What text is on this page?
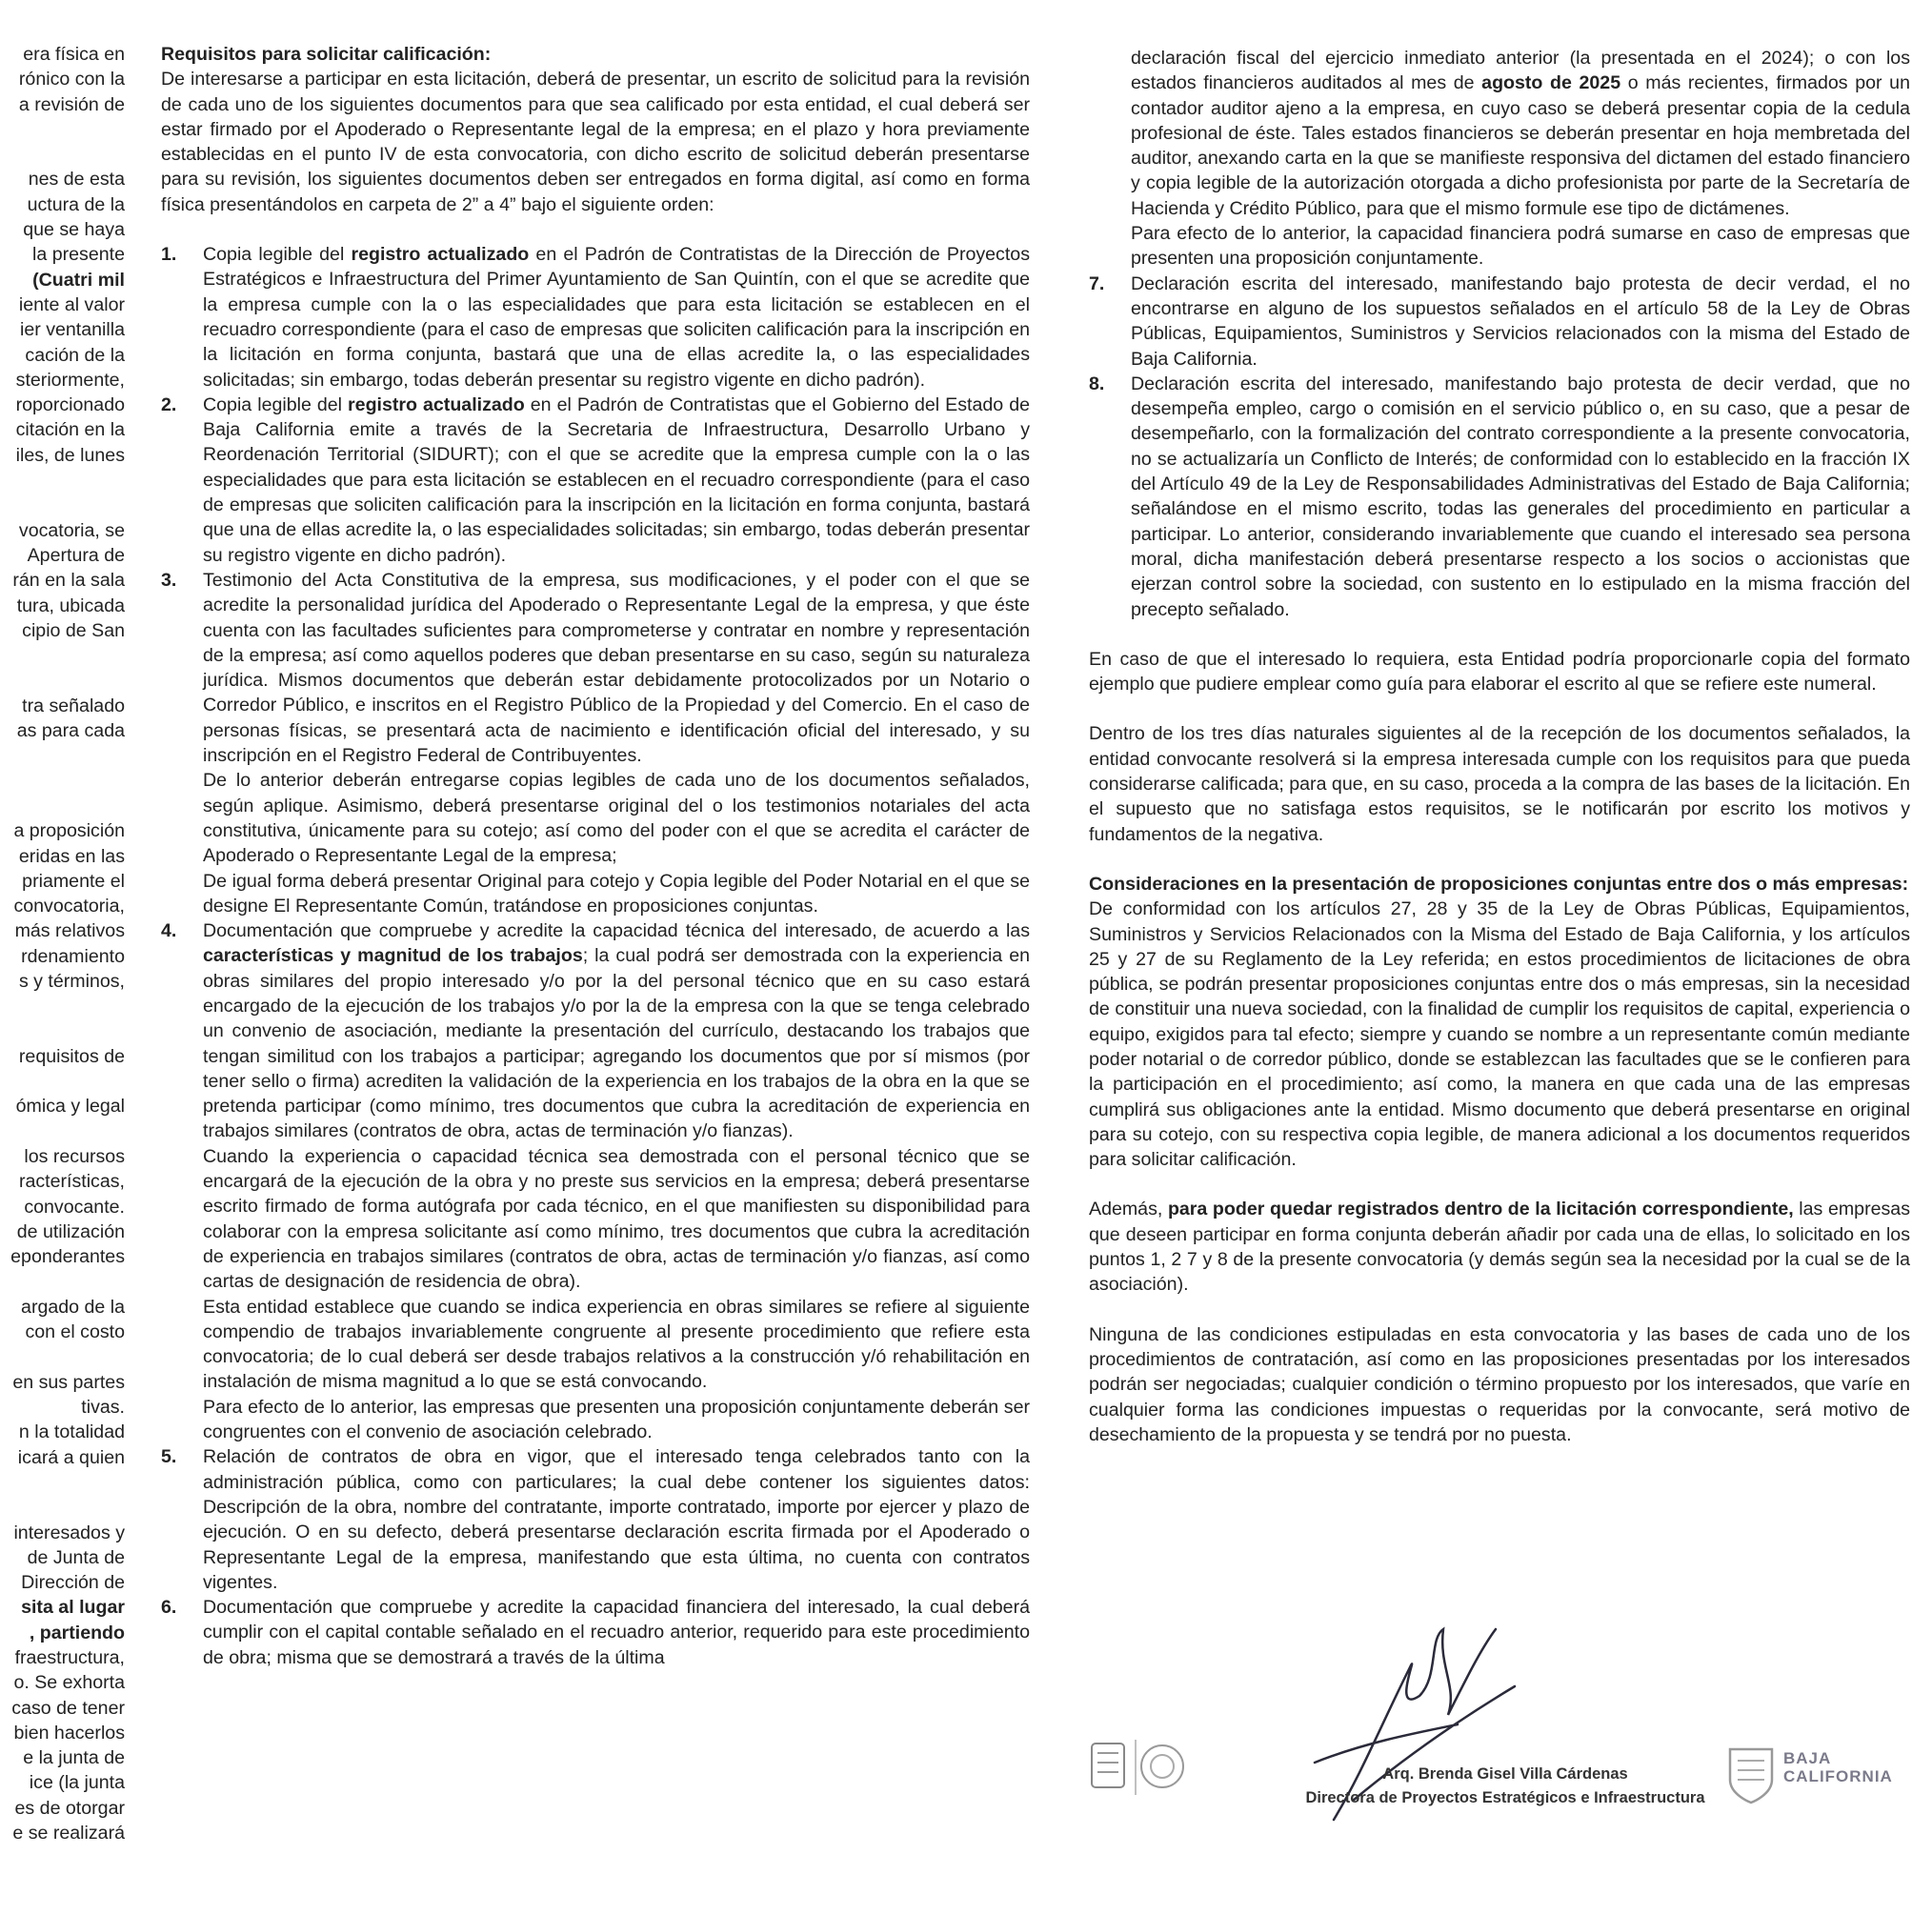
era física en

rónico con la

a revisión de

nes de esta

uctura de la

que se haya

la presente

(Cuatri mil

iente al valor

ier ventanilla

cación de la

steriormente,

roporcionado

citación en la

iles, de lunes

vocatoria, se

Apertura de

rán en la sala

tura, ubicada

cipio de San

tra señalado

as para cada

a proposición

eridas en las

priamente el

convocatoria,

más relativos

rdenamiento

s y términos,

requisitos de

ómica y legal

los recursos

racterísticas,

convocante.

de utilización

eponderantes

argado de la

con el costo

en sus partes

tivas.

n la totalidad

icará a quien

interesados y

de Junta de

Dirección de

sita al lugar

, partiendo

fraestructura,

o. Se exhorta

caso de tener

bien hacerlos

e la junta de

ice (la junta

es de otorgar

e se realizará

Requisitos para solicitar calificación:

De interesarse a participar en esta licitación, deberá de presentar, un escrito de solicitud para la revisión de cada uno de los siguientes documentos para que sea calificado por esta entidad, el cual deberá ser estar firmado por el Apoderado o Representante legal de la empresa; en el plazo y hora previamente establecidas en el punto IV de esta convocatoria, con dicho escrito de solicitud deberán presentarse para su revisión, los siguientes documentos deben ser entregados en forma digital, así como en forma física presentándolos en carpeta de 2” a 4” bajo el siguiente orden:

1.	Copia legible del registro actualizado en el Padrón de Contratistas de la Dirección de Proyectos Estratégicos e Infraestructura del Primer Ayuntamiento de San Quintín, con el que se acredite que la empresa cumple con la o las especialidades que para esta licitación se establecen en el recuadro correspondiente (para el caso de empresas que soliciten calificación para la inscripción en la licitación en forma conjunta, bastará que una de ellas acredite la, o las especialidades solicitadas; sin embargo, todas deberán presentar su registro vigente en dicho padrón).

2.	Copia legible del registro actualizado en el Padrón de Contratistas que el Gobierno del Estado de Baja California emite a través de la Secretaria de Infraestructura, Desarrollo Urbano y Reordenación Territorial (SIDURT); con el que se acredite que la empresa cumple con la o las especialidades que para esta licitación se establecen en el recuadro correspondiente (para el caso de empresas que soliciten calificación para la inscripción en la licitación en forma conjunta, bastará que una de ellas acredite la, o las especialidades solicitadas; sin embargo, todas deberán presentar su registro vigente en dicho padrón).

3.	Testimonio del Acta Constitutiva de la empresa, sus modificaciones, y el poder con el que se acredite la personalidad jurídica del Apoderado o Representante Legal de la empresa, y que éste cuenta con las facultades suficientes para comprometerse y contratar en nombre y representación de la empresa; así como aquellos poderes que deban presentarse en su caso, según su naturaleza jurídica. Mismos documentos que deberán estar debidamente protocolizados por un Notario o Corredor Público, e inscritos en el Registro Público de la Propiedad y del Comercio. En el caso de personas físicas, se presentará acta de nacimiento e identificación oficial del interesado, y su inscripción en el Registro Federal de Contribuyentes.

De lo anterior deberán entregarse copias legibles de cada uno de los documentos señalados, según aplique. Asimismo, deberá presentarse original del o los testimonios notariales del acta constitutiva, únicamente para su cotejo; así como del poder con el que se acredita el carácter de Apoderado o Representante Legal de la empresa;

De igual forma deberá presentar Original para cotejo y Copia legible del Poder Notarial en el que se designe El Representante Común, tratándose en proposiciones conjuntas.

4.	Documentación que compruebe y acredite la capacidad técnica del interesado, de acuerdo a las características y magnitud de los trabajos; la cual podrá ser demostrada con la experiencia en obras similares del propio interesado y/o por la del personal técnico que en su caso estará encargado de la ejecución de los trabajos y/o por la de la empresa con la que se tenga celebrado un convenio de asociación, mediante la presentación del currículo, destacando los trabajos que tengan similitud con los trabajos a participar; agregando los documentos que por sí mismos (por tener sello o firma) acrediten la validación de la experiencia en los trabajos de la obra en la que se pretenda participar (como mínimo, tres documentos que cubra la acreditación de experiencia en trabajos similares (contratos de obra, actas de terminación y/o fianzas).

Cuando la experiencia o capacidad técnica sea demostrada con el personal técnico que se encargará de la ejecución de la obra y no preste sus servicios en la empresa; deberá presentarse escrito firmado de forma autógrafa por cada técnico, en el que manifiesten su disponibilidad para colaborar con la empresa solicitante así como mínimo, tres documentos que cubra la acreditación de experiencia en trabajos similares (contratos de obra, actas de terminación y/o fianzas, así como cartas de designación de residencia de obra).

Esta entidad establece que cuando se indica experiencia en obras similares se refiere al siguiente compendio de trabajos invariablemente congruente al presente procedimiento que refiere esta convocatoria; de lo cual deberá ser desde trabajos relativos a la construcción y/ó rehabilitación en instalación de misma magnitud a lo que se está convocando.

Para efecto de lo anterior, las empresas que presenten una proposición conjuntamente deberán ser congruentes con el convenio de asociación celebrado.

5.	Relación de contratos de obra en vigor, que el interesado tenga celebrados tanto con la administración pública, como con particulares; la cual debe contener los siguientes datos: Descripción de la obra, nombre del contratante, importe contratado, importe por ejercer y plazo de ejecución. O en su defecto, deberá presentarse declaración escrita firmada por el Apoderado o Representante Legal de la empresa, manifestando que esta última, no cuenta con contratos vigentes.

6.	Documentación que compruebe y acredite la capacidad financiera del interesado, la cual deberá cumplir con el capital contable señalado en el recuadro anterior, requerido para este procedimiento de obra; misma que se demostrará a través de la última

declaración fiscal del ejercicio inmediato anterior (la presentada en el 2024); o con los estados financieros auditados al mes de agosto de 2025 o más recientes, firmados por un contador auditor ajeno a la empresa, en cuyo caso se deberá presentar copia de la cedula profesional de éste. Tales estados financieros se deberán presentar en hoja membretada del auditor, anexando carta en la que se manifieste responsiva del dictamen del estado financiero y copia legible de la autorización otorgada a dicho profesionista por parte de la Secretaría de Hacienda y Crédito Público, para que el mismo formule ese tipo de dictámenes.

Para efecto de lo anterior, la capacidad financiera podrá sumarse en caso de empresas que presenten una proposición conjuntamente.

7.	Declaración escrita del interesado, manifestando bajo protesta de decir verdad, el no encontrarse en alguno de los supuestos señalados en el artículo 58 de la Ley de Obras Públicas, Equipamientos, Suministros y Servicios relacionados con la misma del Estado de Baja California.

8.	Declaración escrita del interesado, manifestando bajo protesta de decir verdad, que no desempeña empleo, cargo o comisión en el servicio público o, en su caso, que a pesar de desempeñarlo, con la formalización del contrato correspondiente a la presente convocatoria, no se actualizaría un Conflicto de Interés; de conformidad con lo establecido en la fracción IX del Artículo 49 de la Ley de Responsabilidades Administrativas del Estado de Baja California; señalándose en el mismo escrito, todas las generales del procedimiento en particular a participar. Lo anterior, considerando invariablemente que cuando el interesado sea persona moral, dicha manifestación deberá presentarse respecto a los socios o accionistas que ejerzan control sobre la sociedad, con sustento en lo estipulado en la misma fracción del precepto señalado.

En caso de que el interesado lo requiera, esta Entidad podría proporcionarle copia del formato ejemplo que pudiere emplear como guía para elaborar el escrito al que se refiere este numeral.

Dentro de los tres días naturales siguientes al de la recepción de los documentos señalados, la entidad convocante resolverá si la empresa interesada cumple con los requisitos para que pueda considerarse calificada; para que, en su caso, proceda a la compra de las bases de la licitación. En el supuesto que no satisfaga estos requisitos, se le notificarán por escrito los motivos y fundamentos de la negativa.

Consideraciones en la presentación de proposiciones conjuntas entre dos o más empresas:

De conformidad con los artículos 27, 28 y 35 de la Ley de Obras Públicas, Equipamientos, Suministros y Servicios Relacionados con la Misma del Estado de Baja California, y los artículos 25 y 27 de su Reglamento de la Ley referida; en estos procedimientos de licitaciones de obra pública, se podrán presentar proposiciones conjuntas entre dos o más empresas, sin la necesidad de constituir una nueva sociedad, con la finalidad de cumplir los requisitos de capital, experiencia o equipo, exigidos para tal efecto; siempre y cuando se nombre a un representante común mediante poder notarial o de corredor público, donde se establezcan las facultades que se le confieren para la participación en el procedimiento; así como, la manera en que cada una de las empresas cumplirá sus obligaciones ante la entidad. Mismo documento que deberá presentarse en original para su cotejo, con su respectiva copia legible, de manera adicional a los documentos requeridos para solicitar calificación.

Además, para poder quedar registrados dentro de la licitación correspondiente, las empresas que deseen participar en forma conjunta deberán añadir por cada una de ellas, lo solicitado en los puntos 1, 2 7 y 8 de la presente convocatoria (y demás según sea la necesidad por la cual se de la asociación).

Ninguna de las condiciones estipuladas en esta convocatoria y las bases de cada uno de los procedimientos de contratación, así como en las proposiciones presentadas por los interesados podrán ser negociadas; cualquier condición o término propuesto por los interesados, que varíe en cualquier forma las condiciones impuestas o requeridas por la convocante, será motivo de desechamiento de la propuesta y se tendrá por no puesta.

Arq. Brenda Gisel Villa Cárdenas
Directora de Proyectos Estratégicos e Infraestructura
BAJA
CALIFORNIA
